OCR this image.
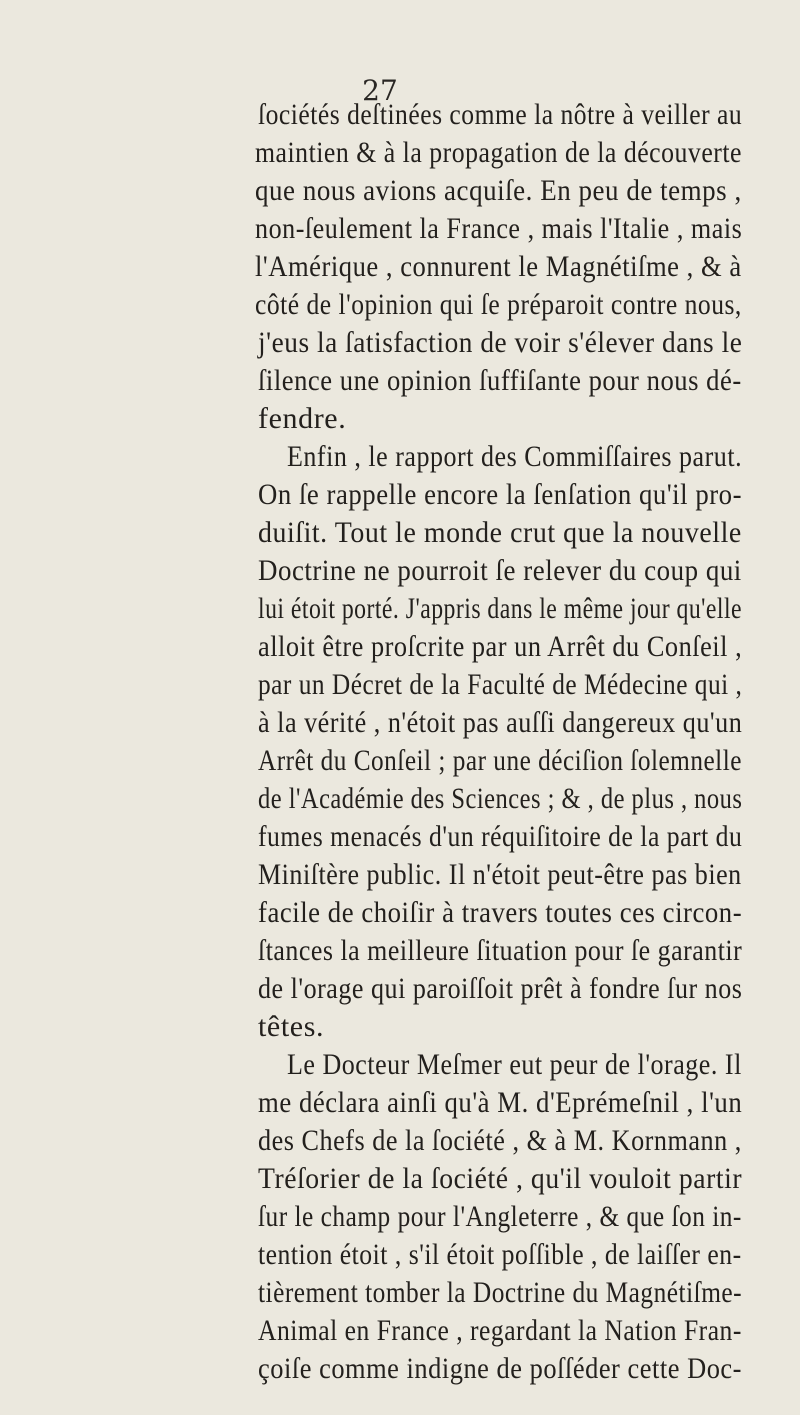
27
ſociétés deſtinées comme la nôtre à veiller au
maintien & à la propagation de la découverte
que nous avions acquiſe. En peu de temps ,
non-ſeulement la France , mais l'Italie , mais
l'Amérique , connurent le Magnétiſme , & à
côté de l'opinion qui ſe préparoit contre nous,
j'eus la ſatisfaction de voir s'élever dans le
ſilence une opinion ſuffiſante pour nous dé-
fendre.
Enfin , le rapport des Commiſſaires parut.
On ſe rappelle encore la ſenſation qu'il pro-
duiſit. Tout le monde crut que la nouvelle
Doctrine ne pourroit ſe relever du coup qui
lui étoit porté. J'appris dans le même jour qu'elle
alloit être proſcrite par un Arrêt du Conſeil ,
par un Décret de la Faculté de Médecine qui ,
à la vérité , n'étoit pas auſſi dangereux qu'un
Arrêt du Conſeil ; par une déciſion ſolemnelle
de l'Académie des Sciences ; & , de plus , nous
fumes menacés d'un réquiſitoire de la part du
Miniſtère public. Il n'étoit peut-être pas bien
facile de choiſir à travers toutes ces circon-
ſtances la meilleure ſituation pour ſe garantir
de l'orage qui paroiſſoit prêt à fondre ſur nos
têtes.
Le Docteur Meſmer eut peur de l'orage. Il
me déclara ainſi qu'à M. d'Eprémeſnil , l'un
des Chefs de la ſociété , & à M. Kornmann ,
Tréſorier de la ſociété , qu'il vouloit partir
ſur le champ pour l'Angleterre , & que ſon in-
tention étoit , s'il étoit poſſible , de laiſſer en-
tièrement tomber la Doctrine du Magnétiſme-
Animal en France , regardant la Nation Fran-
çoiſe comme indigne de poſſéder cette Doc-
